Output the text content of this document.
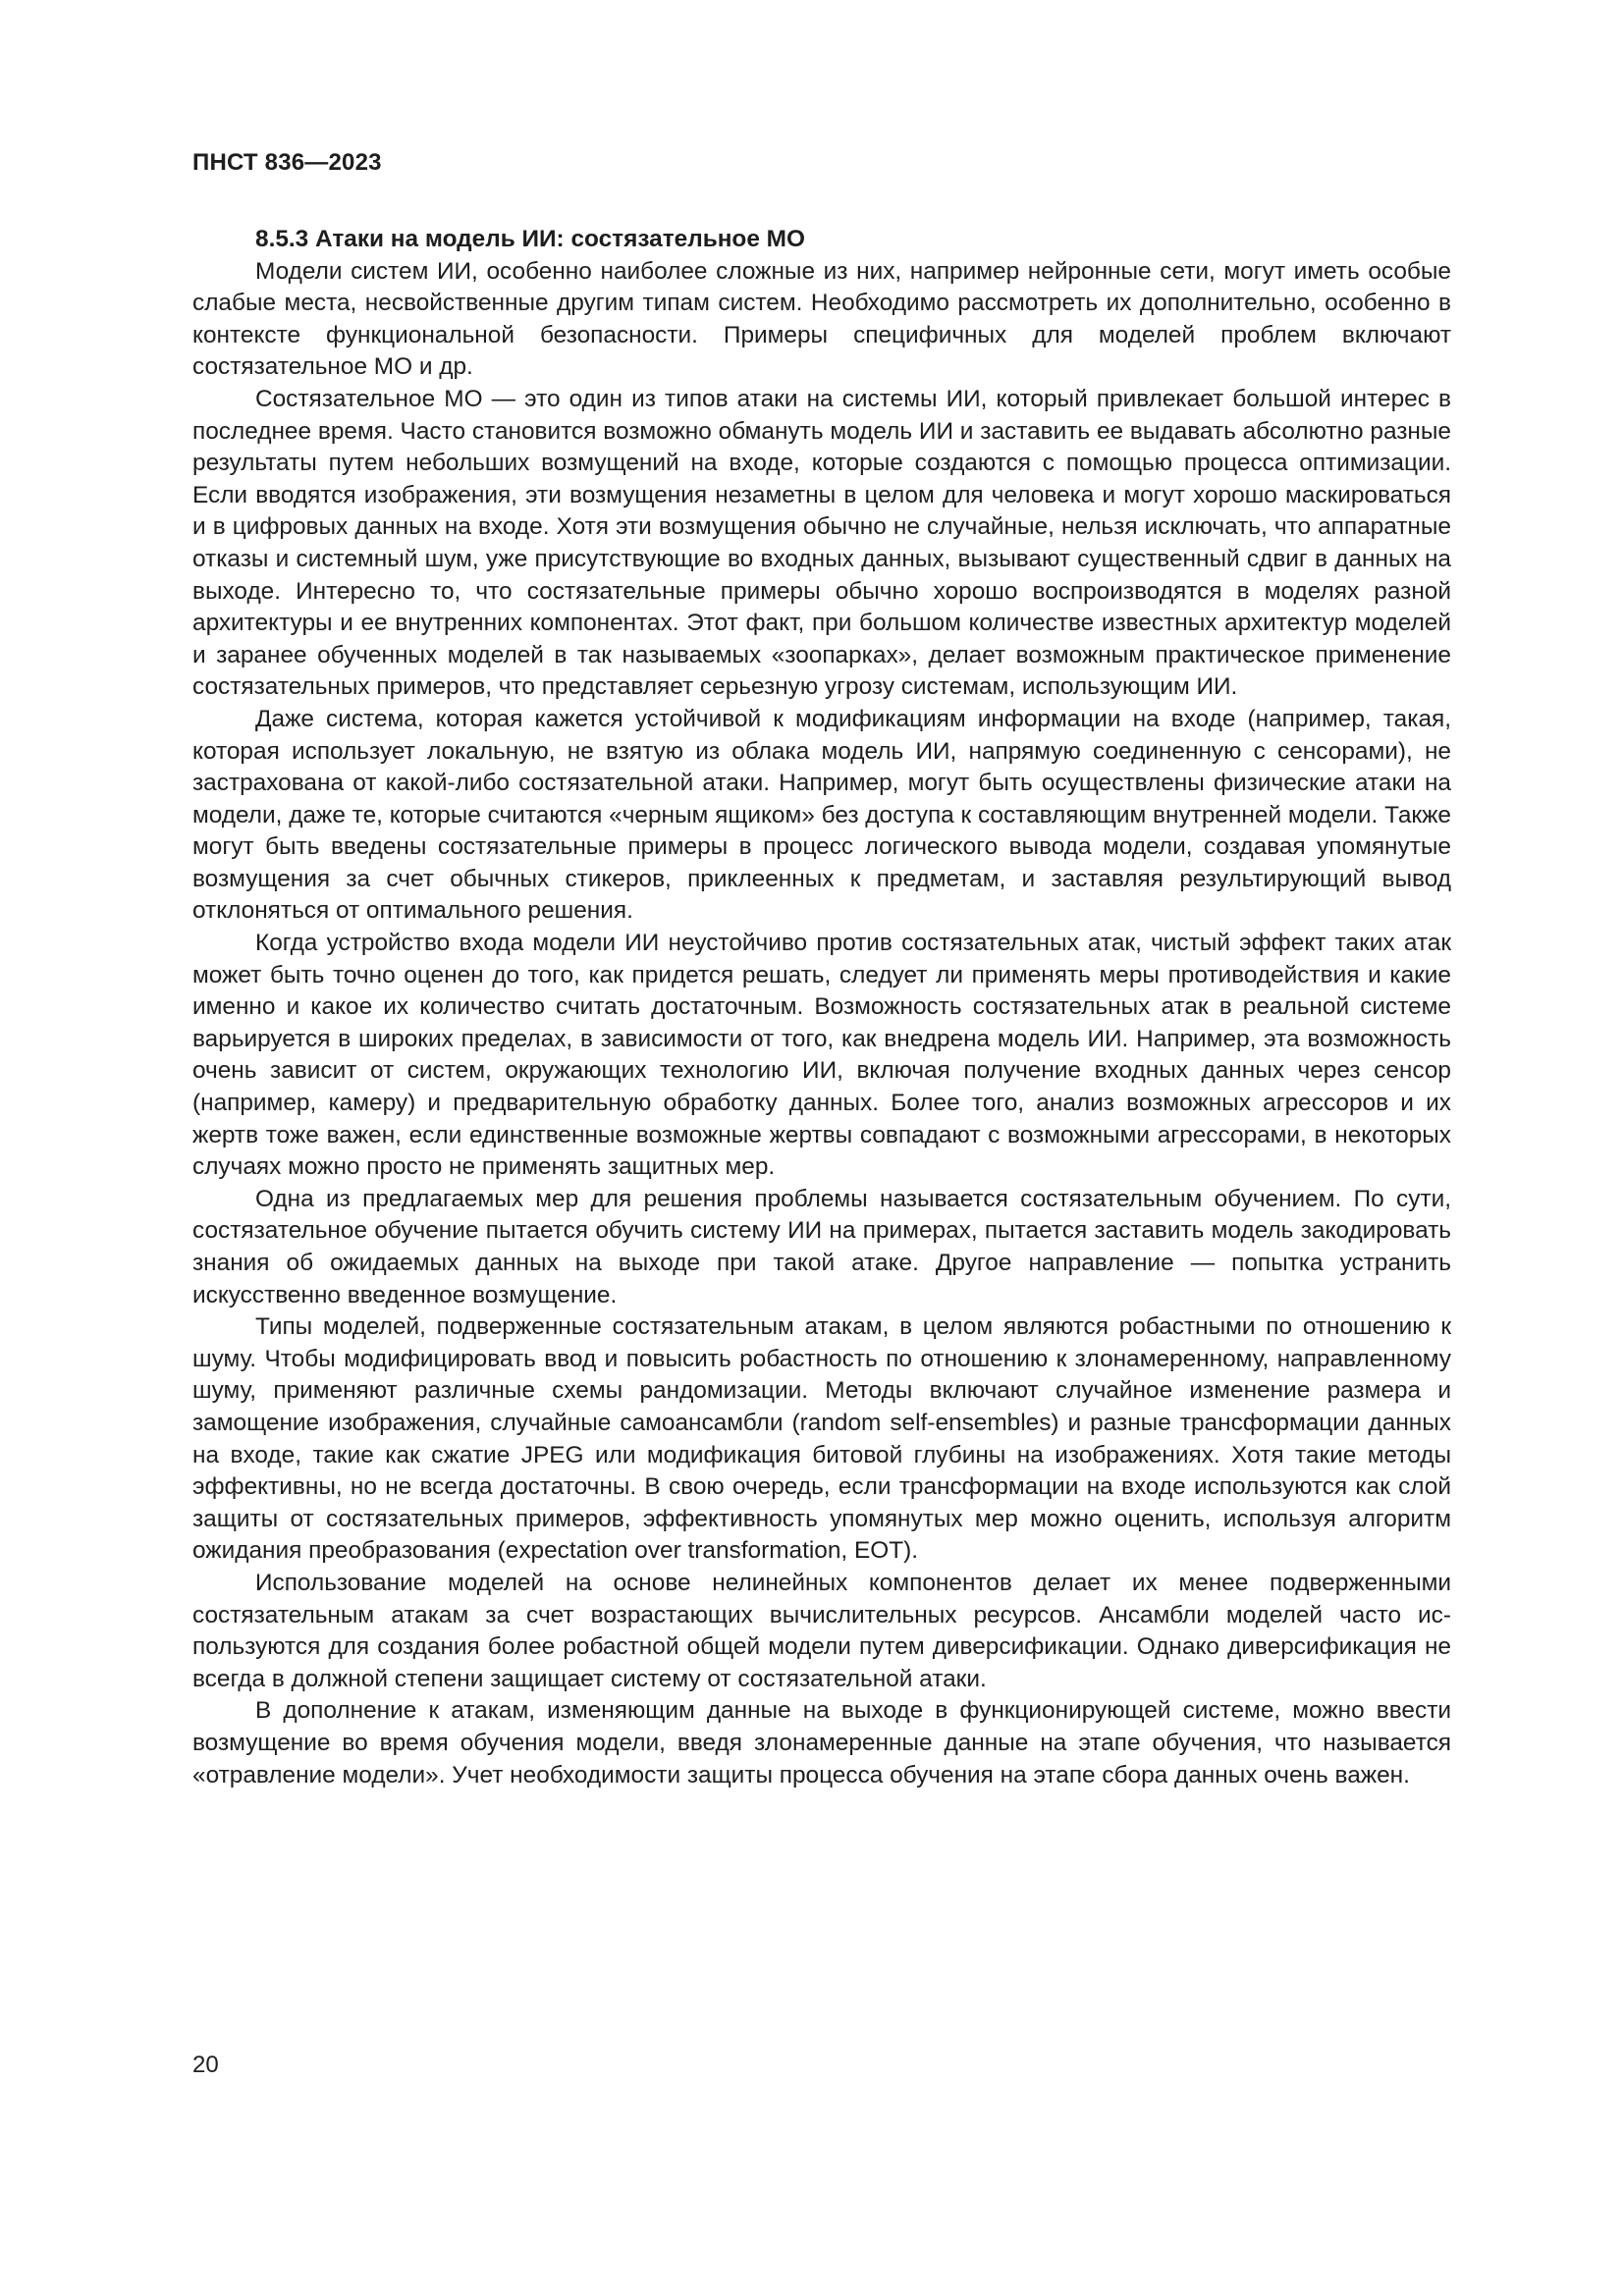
ПНСТ 836—2023
8.5.3 Атаки на модель ИИ: состязательное МО

Модели систем ИИ, особенно наиболее сложные из них, например нейронные сети, могут иметь особые слабые места, несвойственные другим типам систем. Необходимо рассмотреть их дополнительно, особенно в контексте функциональной безопасности. Примеры специфичных для моделей проблем включают состязательное МО и др.

Состязательное МО — это один из типов атаки на системы ИИ, который привлекает большой интерес в последнее время. Часто становится возможно обмануть модель ИИ и заставить ее выдавать абсолютно разные результаты путем небольших возмущений на входе, которые создаются с помощью процесса оптимизации. Если вводятся изображения, эти возмущения незаметны в целом для человека и могут хорошо маскироваться и в цифровых данных на входе. Хотя эти возмущения обычно не случайные, нельзя исключать, что аппаратные отказы и системный шум, уже присутствующие во входных данных, вызывают существенный сдвиг в данных на выходе. Интересно то, что состязательные примеры обычно хорошо воспроизводятся в моделях разной архитектуры и ее внутренних компонентах. Этот факт, при большом количестве известных архитектур моделей и заранее обученных моделей в так называемых «зоопарках», делает возможным практическое применение состязательных примеров, что представляет серьезную угрозу системам, использующим ИИ.

Даже система, которая кажется устойчивой к модификациям информации на входе (например, такая, которая использует локальную, не взятую из облака модель ИИ, напрямую соединенную с сенсорами), не застрахована от какой-либо состязательной атаки. Например, могут быть осуществлены физические атаки на модели, даже те, которые считаются «черным ящиком» без доступа к составляющим внутренней модели. Также могут быть введены состязательные примеры в процесс логического вывода модели, создавая упомянутые возмущения за счет обычных стикеров, приклеенных к предметам, и заставляя результирующий вывод отклоняться от оптимального решения.

Когда устройство входа модели ИИ неустойчиво против состязательных атак, чистый эффект таких атак может быть точно оценен до того, как придется решать, следует ли применять меры противодействия и какие именно и какое их количество считать достаточным. Возможность состязательных атак в реальной системе варьируется в широких пределах, в зависимости от того, как внедрена модель ИИ. Например, эта возможность очень зависит от систем, окружающих технологию ИИ, включая получение входных данных через сенсор (например, камеру) и предварительную обработку данных. Более того, анализ возможных агрессоров и их жертв тоже важен, если единственные возможные жертвы совпадают с возможными агрессорами, в некоторых случаях можно просто не применять защитных мер.

Одна из предлагаемых мер для решения проблемы называется состязательным обучением. По сути, состязательное обучение пытается обучить систему ИИ на примерах, пытается заставить модель закодировать знания об ожидаемых данных на выходе при такой атаке. Другое направление — попытка устранить искусственно введенное возмущение.

Типы моделей, подверженные состязательным атакам, в целом являются робастными по отношению к шуму. Чтобы модифицировать ввод и повысить робастность по отношению к злонамеренному, направленному шуму, применяют различные схемы рандомизации. Методы включают случайное изменение размера и замощение изображения, случайные самоансамбли (random self-ensembles) и разные трансформации данных на входе, такие как сжатие JPEG или модификация битовой глубины на изображениях. Хотя такие методы эффективны, но не всегда достаточны. В свою очередь, если трансформации на входе используются как слой защиты от состязательных примеров, эффективность упомянутых мер можно оценить, используя алгоритм ожидания преобразования (expectation over transformation, EOT).

Использование моделей на основе нелинейных компонентов делает их менее подверженными состязательным атакам за счет возрастающих вычислительных ресурсов. Ансамбли моделей часто используются для создания более робастной общей модели путем диверсификации. Однако диверсификация не всегда в должной степени защищает систему от состязательной атаки.

В дополнение к атакам, изменяющим данные на выходе в функционирующей системе, можно ввести возмущение во время обучения модели, введя злонамеренные данные на этапе обучения, что называется «отравление модели». Учет необходимости защиты процесса обучения на этапе сбора данных очень важен.

20
